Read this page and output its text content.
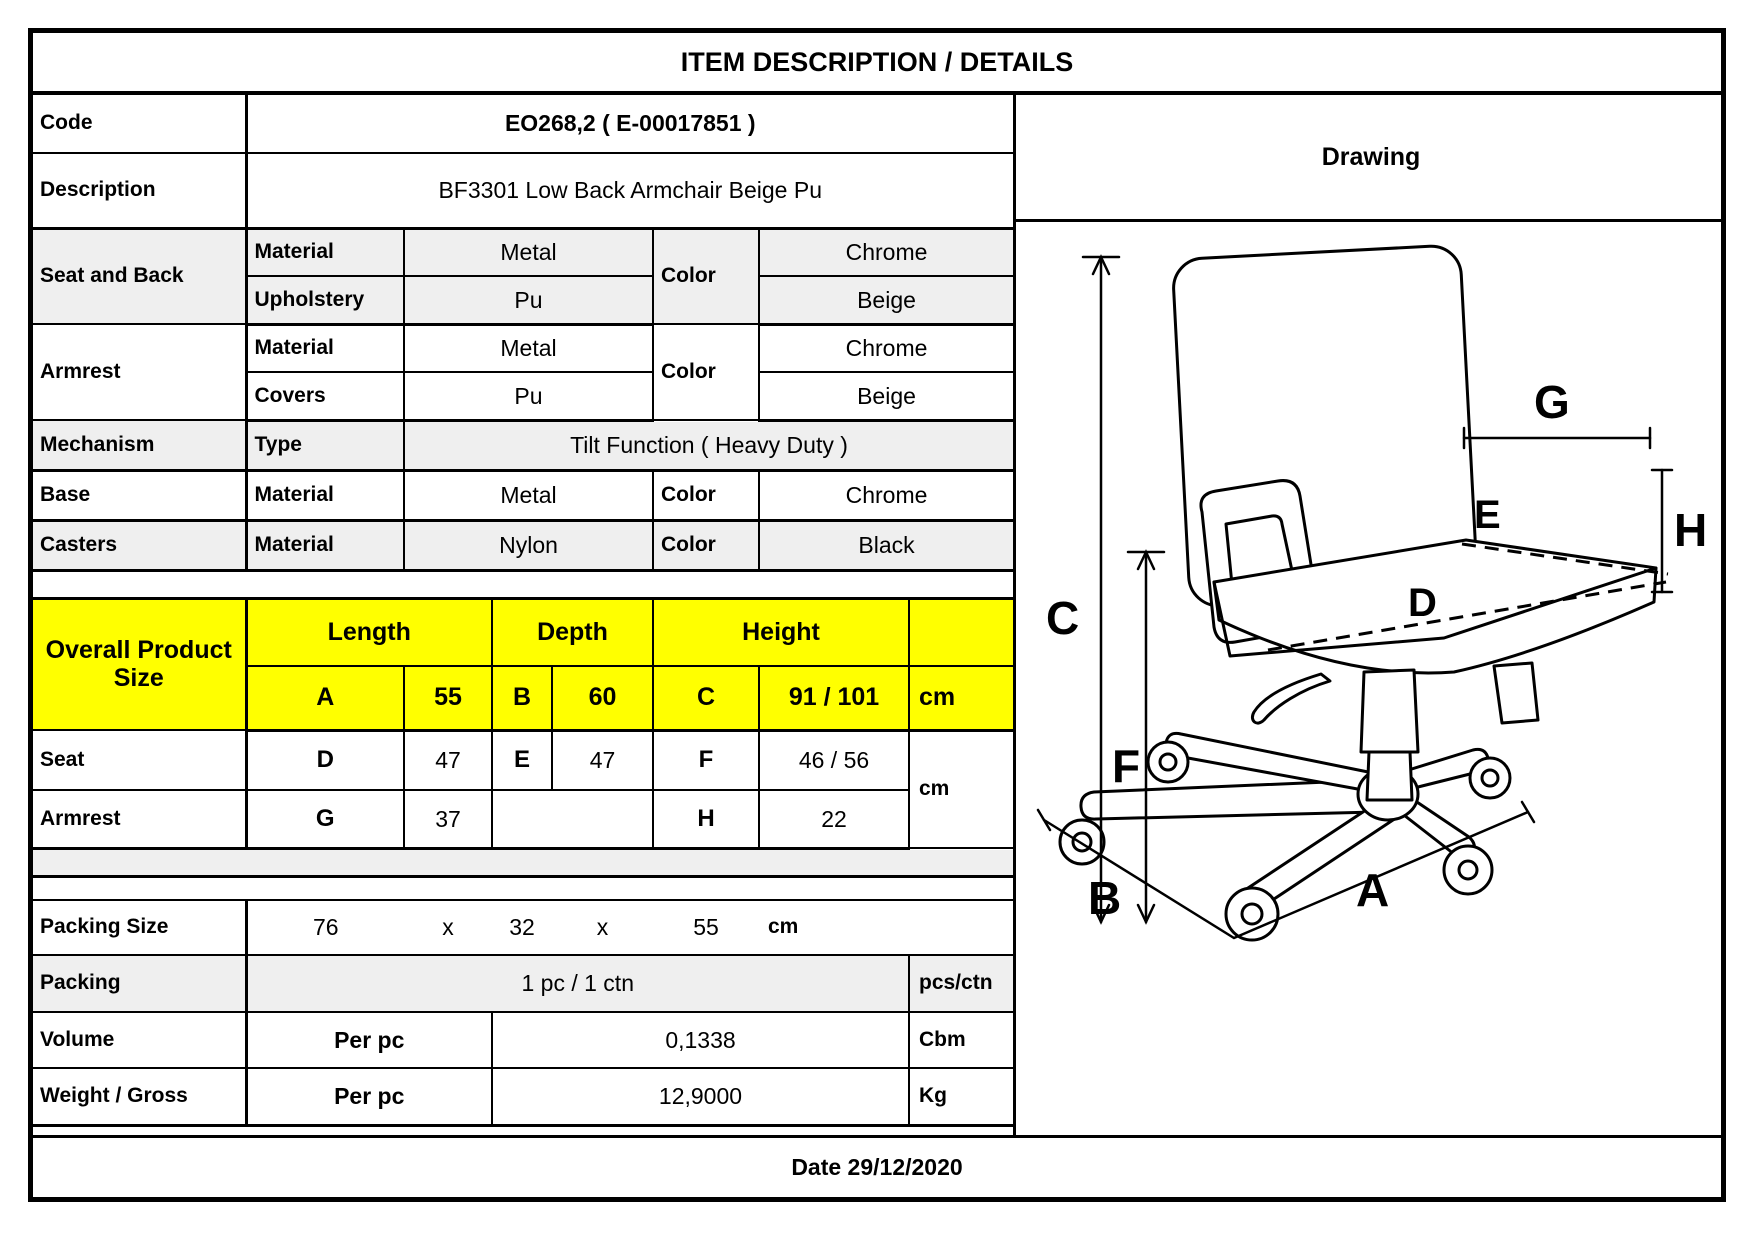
ITEM DESCRIPTION / DETAILS
Code	EO268,2 ( E-00017851 )						
Description	BF3301 Low Back Armchair Beige Pu						
Seat and Back	Material	Metal			Color	Chrome	
	Upholstery	Pu				Beige	
Armrest	Material	Metal			Color	Chrome	
	Covers	Pu				Beige	
Mechanism	Type	Tilt Function ( Heavy Duty )					
Base	Material	Metal			Color	Chrome	
Casters	Material	Nylon			Color	Black	

Overall Product Size	Length		Depth		Height		
	A	55	B	60	C	91 / 101	cm
Seat	D	47	E	47	F	46 / 56	cm
Armrest	G	37			H	22	

Packing Size	76	x	32	x	55	cm	
Packing	1 pc / 1 ctn						pcs/ctn
Volume	Per pc		0,1338				Cbm
Weight / Gross	Per pc		12,9000				Kg
Drawing
C
F
G
H
E
D
B	A
Date 29/12/2020
